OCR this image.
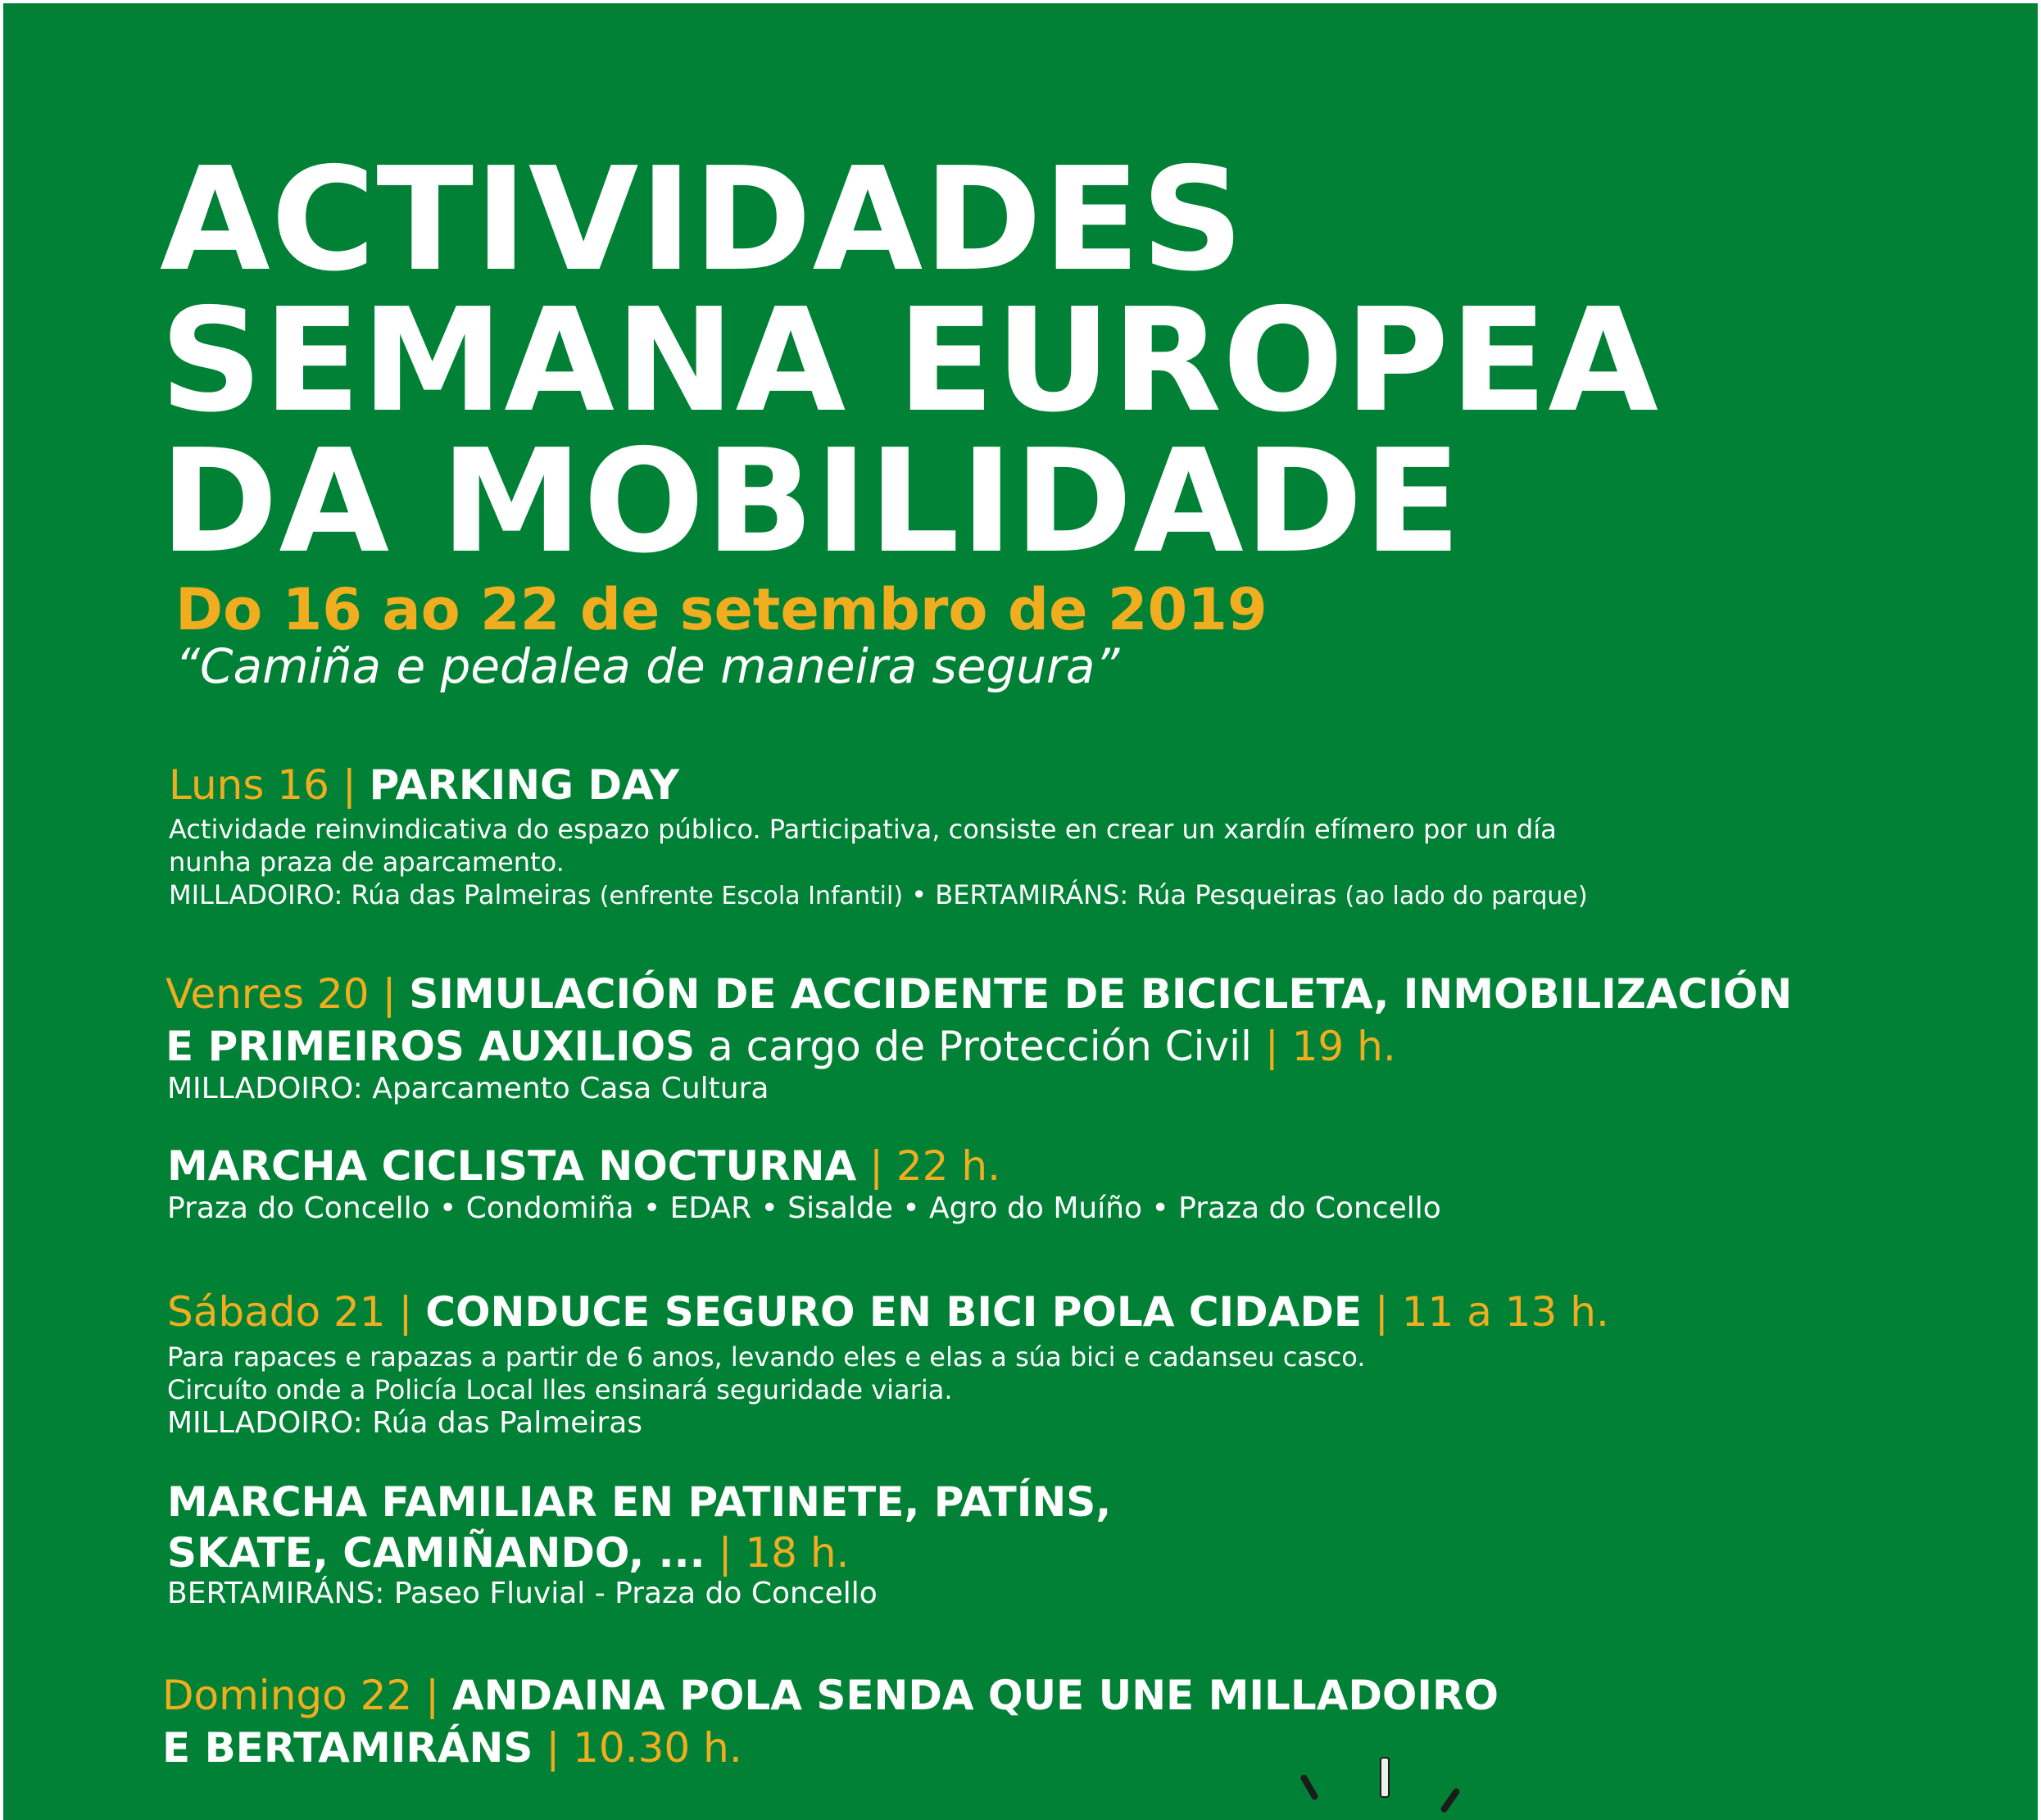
ACTIVIDADES
SEMANA EUROPEA
DA MOBILIDADE
Do 16 ao 22 de setembro de 2019
“Camiña e pedalea de maneira segura”
Luns 16 | PARKING DAY
Actividade reinvindicativa do espazo público. Participativa, consiste en crear un xardín efímero por un día
nunha praza de aparcamento.
MILLADOIRO: Rúa das Palmeiras (enfrente Escola Infantil) • BERTAMIRÁNS: Rúa Pesqueiras (ao lado do parque)
Venres 20 | SIMULACIÓN DE ACCIDENTE DE BICICLETA, INMOBILIZACIÓN
E PRIMEIROS AUXILIOS a cargo de Protección Civil | 19 h.
MILLADOIRO: Aparcamento Casa Cultura
MARCHA CICLISTA NOCTURNA | 22 h.
Praza do Concello • Condomiña • EDAR • Sisalde • Agro do Muíño • Praza do Concello
Sábado 21 | CONDUCE SEGURO EN BICI POLA CIDADE | 11 a 13 h.
Para rapaces e rapazas a partir de 6 anos, levando eles e elas a súa bici e cadanseu casco.
Circuíto onde a Policía Local lles ensinará seguridade viaria.
MILLADOIRO: Rúa das Palmeiras
MARCHA FAMILIAR EN PATINETE, PATÍNS,
SKATE, CAMIÑANDO, ... | 18 h.
BERTAMIRÁNS: Paseo Fluvial - Praza do Concello
Domingo 22 | ANDAINA POLA SENDA QUE UNE MILLADOIRO
E BERTAMIRÁNS | 10.30 h.
